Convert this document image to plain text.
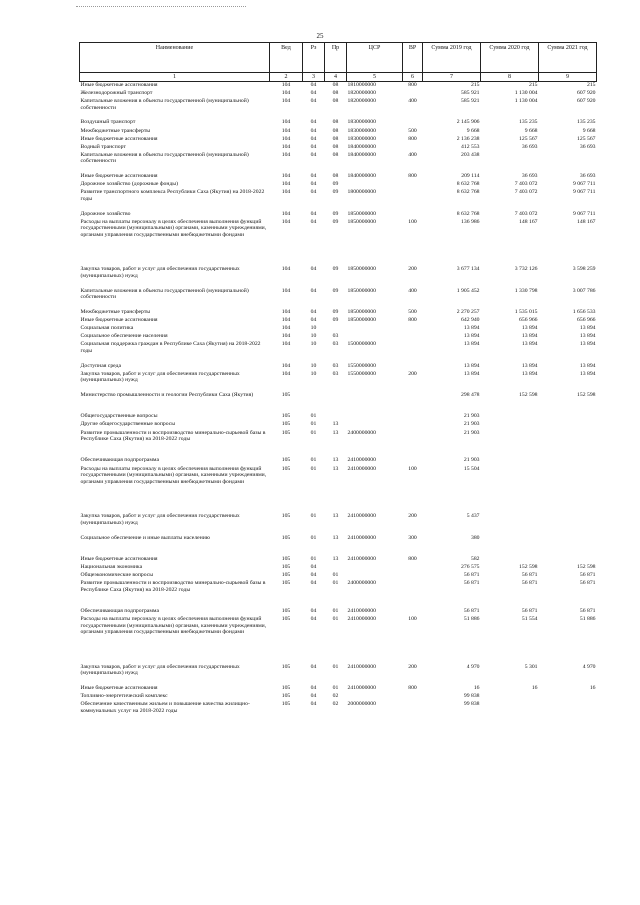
25
Наименование	Вед	Рз	Пр	ЦСР	ВР	Сумма 2019 год	Сумма 2020 год	Сумма 2021 год
1	2	3	4	5	6	7	8	9
Иные бюджетные ассигнования	104	04	08	1810000000	800	215	215	215
Железнодорожный транспорт	104	04	08	1820000000		585 921	1 130 004	607 920
Капитальные вложения в объекты государственной (муниципальной) собственности	104	04	08	1820000000	400	585 921	1 130 004	607 920
Воздушный транспорт	104	04	08	1830000000		2 145 906	135 235	135 235
Межбюджетные трансферты	104	04	08	1830000000	500	9 668	9 668	9 668
Иные бюджетные ассигнования	104	04	08	1830000000	800	2 136 238	125 567	125 567
Водный транспорт	104	04	08	1840000000		412 553	36 693	36 693
Капитальные вложения в объекты государственной (муниципальной) собственности	104	04	08	1840000000	400	203 438		
Иные бюджетные ассигнования	104	04	08	1840000000	800	209 114	36 693	36 693
Дорожное хозяйство (дорожные фонды)	104	04	09			8 632 768	7 403 072	9 067 711
Развитие транспортного комплекса Республики Саха (Якутия) на 2018-2022 годы	104	04	09	1800000000		8 632 768	7 403 072	9 067 711
Дорожное хозяйство	104	04	09	1850000000		8 632 768	7 403 072	9 067 711
Расходы на выплаты персоналу в целях обеспечения выполнения функций государственными (муниципальными) органами, казенными учреждениями, органами управления государственными внебюджетными фондами	104	04	09	1850000000	100	136 986	148 167	148 167
Закупка товаров, работ и услуг для обеспечения государственных (муниципальных) нужд	104	04	09	1850000000	200	3 677 134	3 732 126	3 598 259
Капитальные вложения в объекты государственной (муниципальной) собственности	104	04	09	1850000000	400	1 905 452	1 330 798	3 007 786
Межбюджетные трансферты	104	04	09	1850000000	500	2 270 257	1 535 015	1 656 533
Иные бюджетные ассигнования	104	04	09	1850000000	800	642 940	656 966	656 966
Социальная политика	104	10				13 894	13 894	13 894
Социальное обеспечение населения	104	10	03			13 894	13 894	13 894
Социальная поддержка граждан в Республике Саха (Якутия) на 2018-2022 годы	104	10	03	1500000000		13 894	13 894	13 894
Доступная среда	104	10	03	1550000000		13 894	13 894	13 894
Закупка товаров, работ и услуг для обеспечения государственных (муниципальных) нужд	104	10	03	1550000000	200	13 894	13 894	13 894
Министерство промышленности и геологии Республики Саха (Якутия)	105					298 478	152 598	152 598
Общегосударственные вопросы	105	01				21 903		
Другие общегосударственные вопросы	105	01	13			21 903		
Развитие промышленности и воспроизводство минерально-сырьевой базы в Республике Саха (Якутия) на 2018-2022 годы	105	01	13	2400000000		21 903		
Обеспечивающая подпрограмма	105	01	13	2410000000		21 903		
Расходы на выплаты персоналу в целях обеспечения выполнения функций государственными (муниципальными) органами, казенными учреждениями, органами управления государственными внебюджетными фондами	105	01	13	2410000000	100	15 504		
Закупка товаров, работ и услуг для обеспечения государственных (муниципальных) нужд	105	01	13	2410000000	200	5 437		
Социальное обеспечение и иные выплаты населению	105	01	13	2410000000	300	380		
Иные бюджетные ассигнования	105	01	13	2410000000	800	582		
Национальная экономика	105	04				276 575	152 598	152 598
Общеэкономические вопросы	105	04	01			56 871	56 871	56 871
Развитие промышленности и воспроизводство минерально-сырьевой базы в Республике Саха (Якутия) на 2018-2022 годы	105	04	01	2400000000		56 871	56 871	56 871
Обеспечивающая подпрограмма	105	04	01	2410000000		56 871	56 871	56 871
Расходы на выплаты персоналу в целях обеспечения выполнения функций государственными (муниципальными) органами, казенными учреждениями, органами управления государственными внебюджетными фондами	105	04	01	2410000000	100	51 886	51 554	51 886
Закупка товаров, работ и услуг для обеспечения государственных (муниципальных) нужд	105	04	01	2410000000	200	4 970	5 301	4 970
Иные бюджетные ассигнования	105	04	01	2410000000	800	16	16	16
Топливно-энергетический комплекс	105	04	02			99 838		
Обеспечение качественным жильем и повышение качества жилищно-коммунальных услуг на 2018-2022 годы	105	04	02	2000000000		99 838		
